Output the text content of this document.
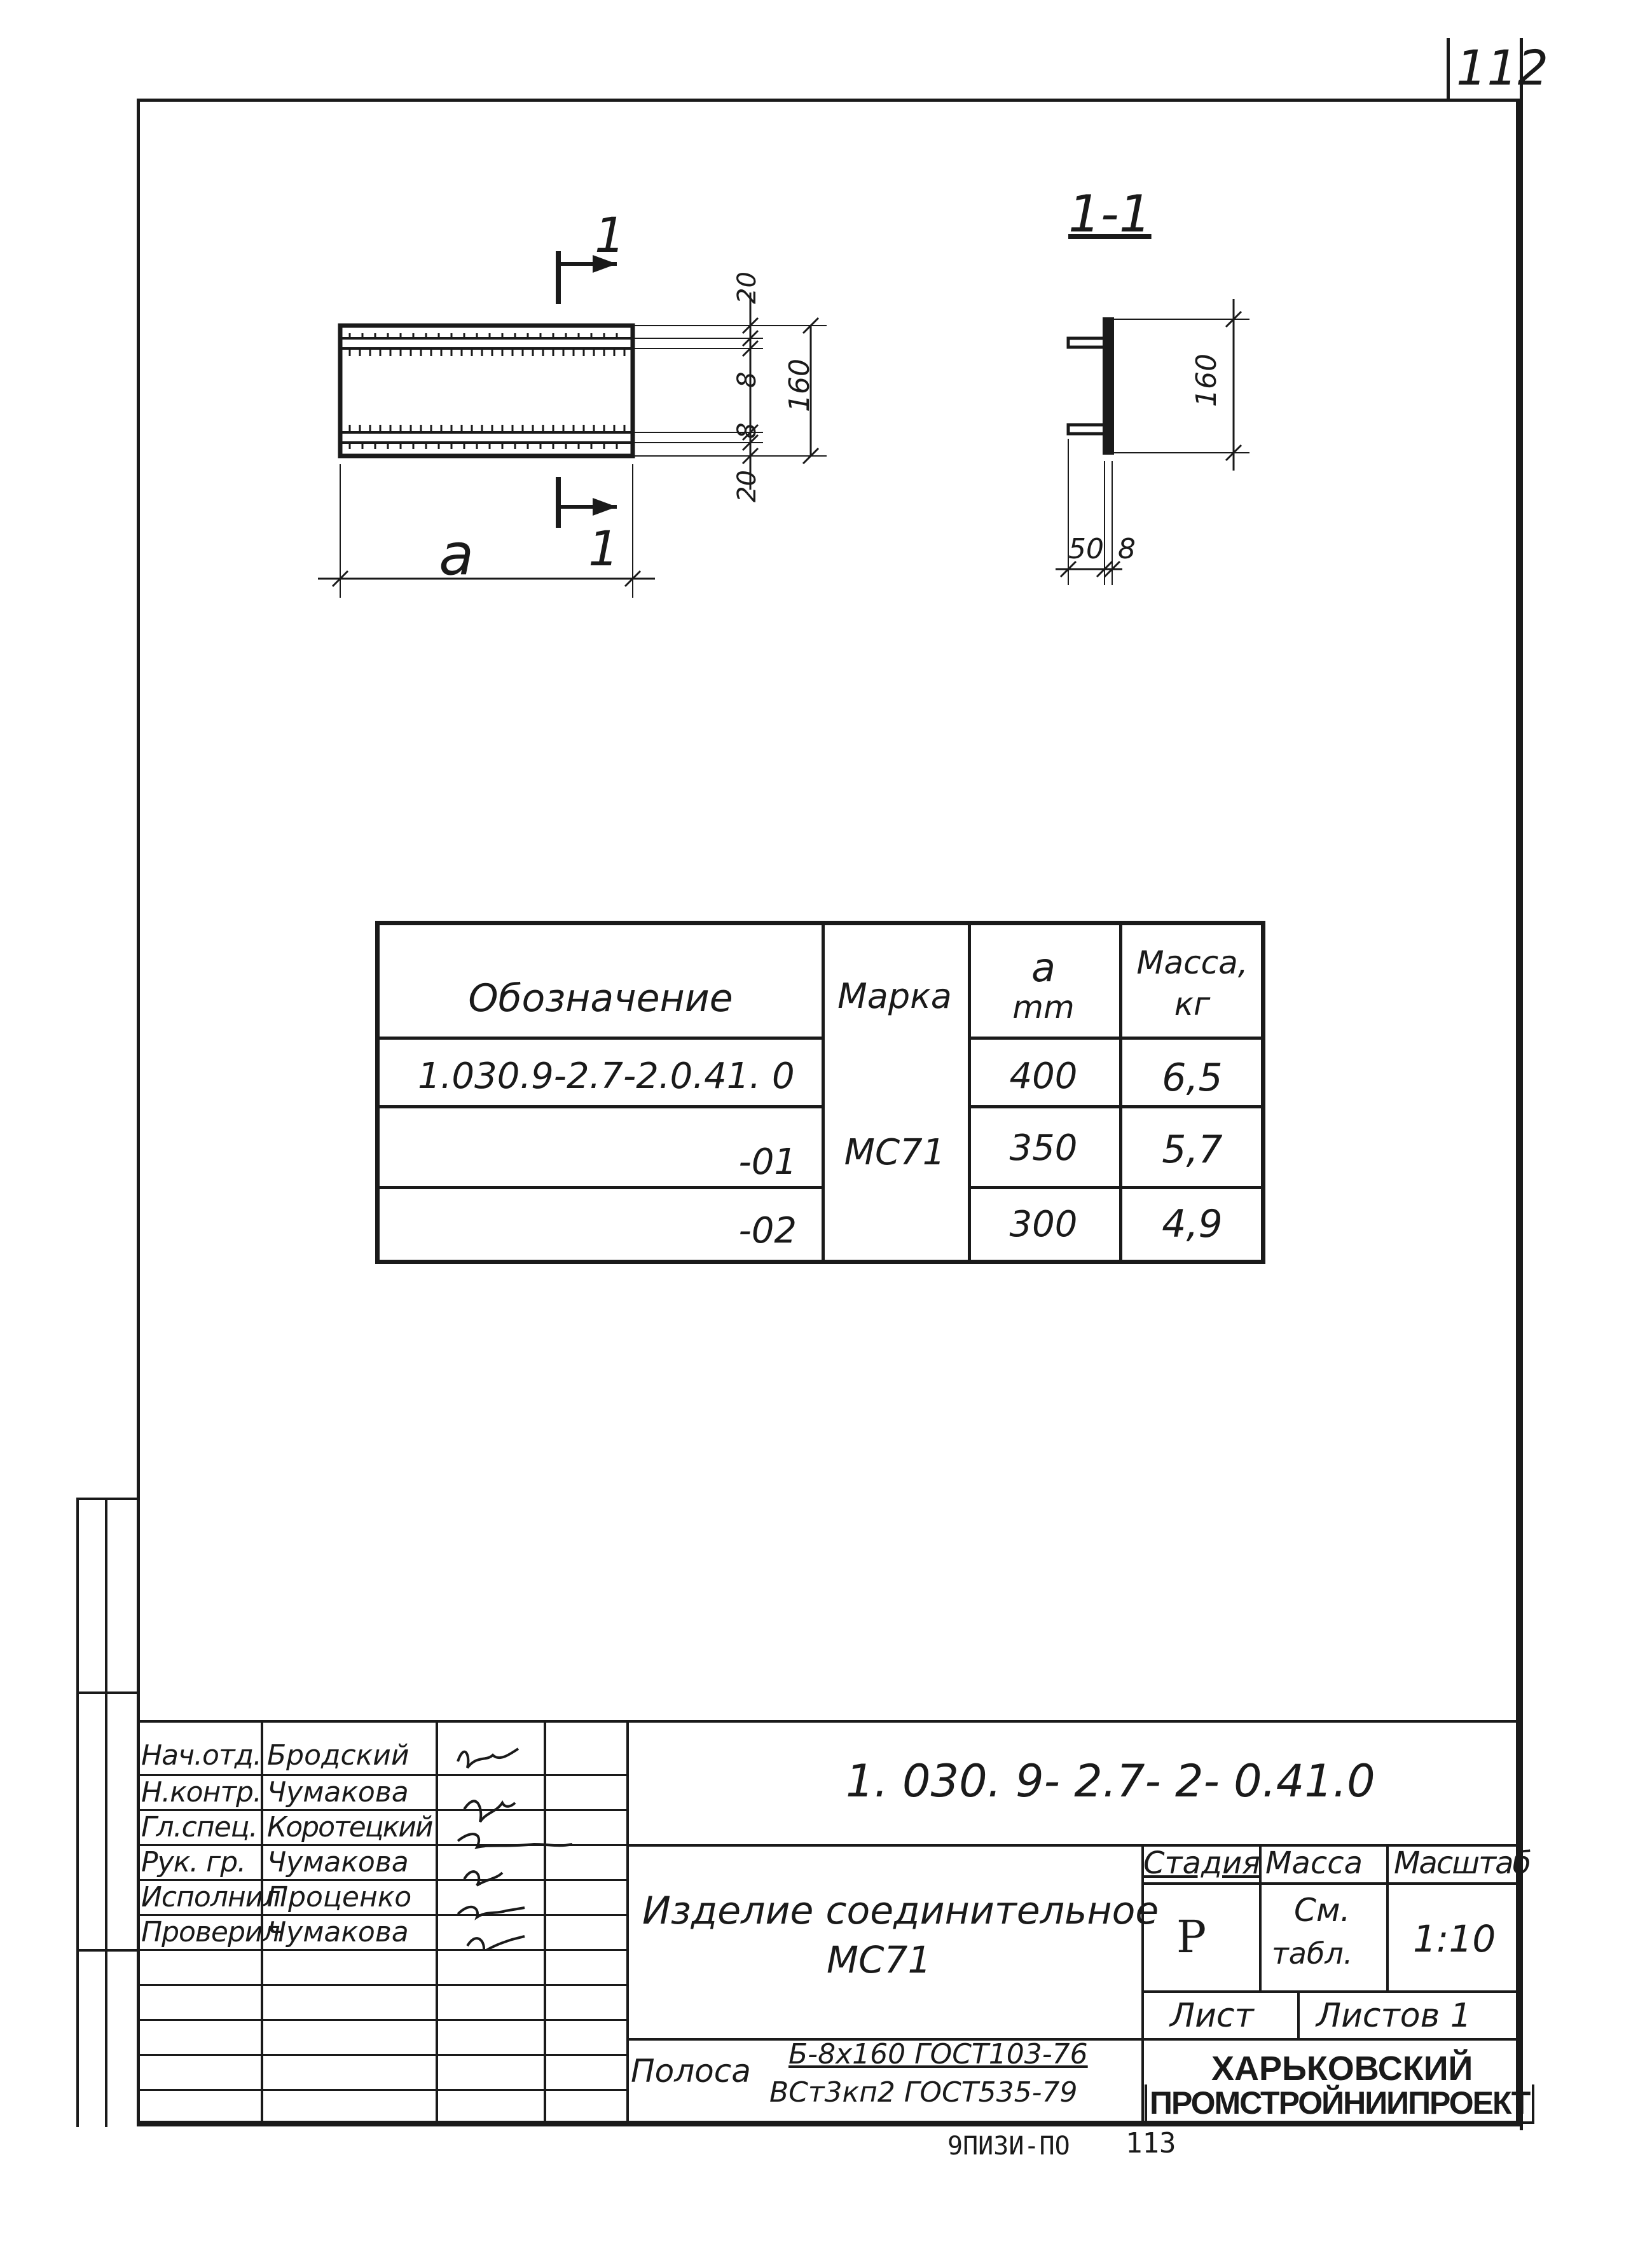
112
1
1
20
8
8
20
160
a
1-1
160
50 8
Обозначение	Марка
a
mm
Масса,
кг
1.030.9-2.7-2.0.41. 0
-01
-02
МС71
400
350
300
6,5
5,7
4,9
Нач.отд. Бродский
Н.контр. Чумакова
Гл.спец. Коротецкий
Рук. гр. Чумакова
Исполнил
Проценко
Проверил
Чумакова
1. 030. 9- 2.7- 2- 0.41.0
Изделие соединительное
МС71
Стадия Масса Масштаб
Р
См.
табл. 1:10
Лист Листов 1
Полоса Б-8х160 ГОСТ103-76
ВСт3кп2 ГОСТ535-79
ХАРЬКОВСКИЙ
ПРОМСТРОЙНИИПРОЕКТ
9ПИЗИ-ПО 113
